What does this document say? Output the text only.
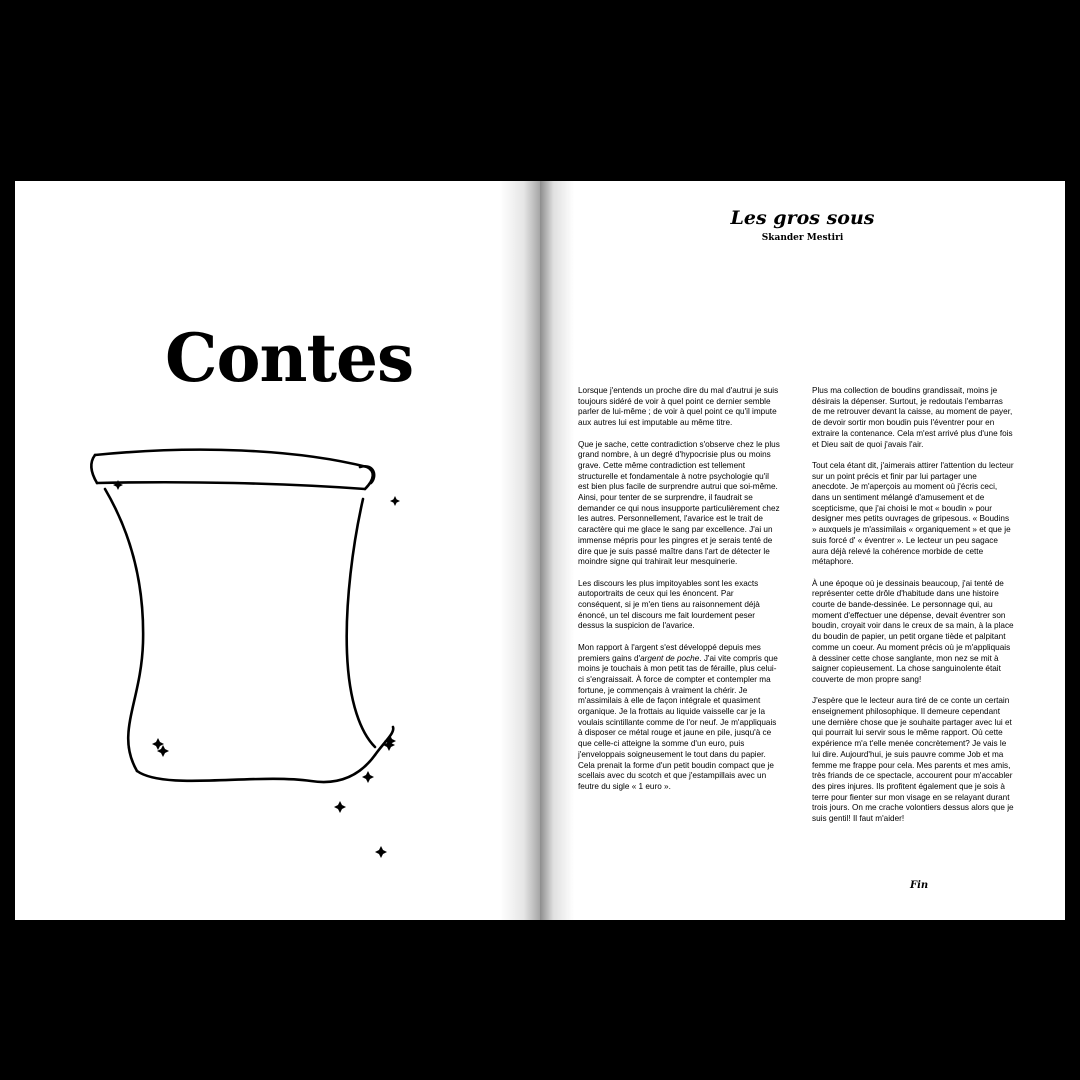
Contes
Les gros sous
Skander Mestiri

Lorsque j'entends un proche dire du mal d'autrui je suis toujours sidéré de voir à quel point ce dernier semble parler de lui-même ; de voir à quel point ce qu'il impute aux autres lui est imputable au même titre.

Que je sache, cette contradiction s'observe chez le plus grand nombre, à un degré d'hypocrisie plus ou moins grave. Cette même contradiction est tellement structurelle et fondamentale à notre psychologie qu'il est bien plus facile de surprendre autrui que soi-même. Ainsi, pour tenter de se surprendre, il faudrait se demander ce qui nous insupporte particulièrement chez les autres. Personnellement, l'avarice est le trait de caractère qui me glace le sang par excellence. J'ai un immense mépris pour les pingres et je serais tenté de dire que je suis passé maître dans l'art de détecter le moindre signe qui trahirait leur mesquinerie.

Les discours les plus impitoyables sont les exacts autoportraits de ceux qui les énoncent. Par conséquent, si je m'en tiens au raisonnement déjà énoncé, un tel discours me fait lourdement peser dessus la suspicion de l'avarice.

Mon rapport à l'argent s'est développé depuis mes premiers gains d'argent de poche. J'ai vite compris que moins je touchais à mon petit tas de féraille, plus celui-ci s'engraissait. À force de compter et contempler ma fortune, je commençais à vraiment la chérir. Je m'assimilais à elle de façon intégrale et quasiment organique. Je la frottais au liquide vaisselle car je la voulais scintillante comme de l'or neuf. Je m'appliquais à disposer ce métal rouge et jaune en pile, jusqu'à ce que celle-ci atteigne la somme d'un euro, puis j'enveloppais soigneusement le tout dans du papier. Cela prenait la forme d'un petit boudin compact que je scellais avec du scotch et que j'estampillais avec un feutre du sigle « 1 euro ».

Plus ma collection de boudins grandissait, moins je désirais la dépenser. Surtout, je redoutais l'embarras de me retrouver devant la caisse, au moment de payer, de devoir sortir mon boudin puis l'éventrer pour en extraire la contenance. Cela m'est arrivé plus d'une fois et Dieu sait de quoi j'avais l'air.

Tout cela étant dit, j'aimerais attirer l'attention du lecteur sur un point précis et finir par lui partager une anecdote. Je m'aperçois au moment où j'écris ceci, dans un sentiment mélangé d'amusement et de scepticisme, que j'ai choisi le mot « boudin » pour designer mes petits ouvrages de gripesous. « Boudins » auxquels je m'assimilais « organiquement » et que je suis forcé d' « éventrer ». Le lecteur un peu sagace aura déjà relevé la cohérence morbide de cette métaphore.

À une époque où je dessinais beaucoup, j'ai tenté de représenter cette drôle d'habitude dans une histoire courte de bande-dessinée. Le personnage qui, au moment d'effectuer une dépense, devait éventrer son boudin, croyait voir dans le creux de sa main, à la place du boudin de papier, un petit organe tiède et palpitant comme un coeur. Au moment précis où je m'appliquais à dessiner cette chose sanglante, mon nez se mit à saigner copieusement. La chose sanguinolente était couverte de mon propre sang!

J'espère que le lecteur aura tiré de ce conte un certain enseignement philosophique. Il demeure cependant une dernière chose que je souhaite partager avec lui et qui pourrait lui servir sous le même rapport. Où cette expérience m'a t'elle menée concrètement? Je vais le lui dire. Aujourd'hui, je suis pauvre comme Job et ma femme me frappe pour cela. Mes parents et mes amis, très friands de ce spectacle, accourent pour m'accabler des pires injures. Ils profitent également que je sois à terre pour fienter sur mon visage en se relayant durant trois jours. On me crache volontiers dessus alors que je suis gentil! Il faut m'aider!

Fin
